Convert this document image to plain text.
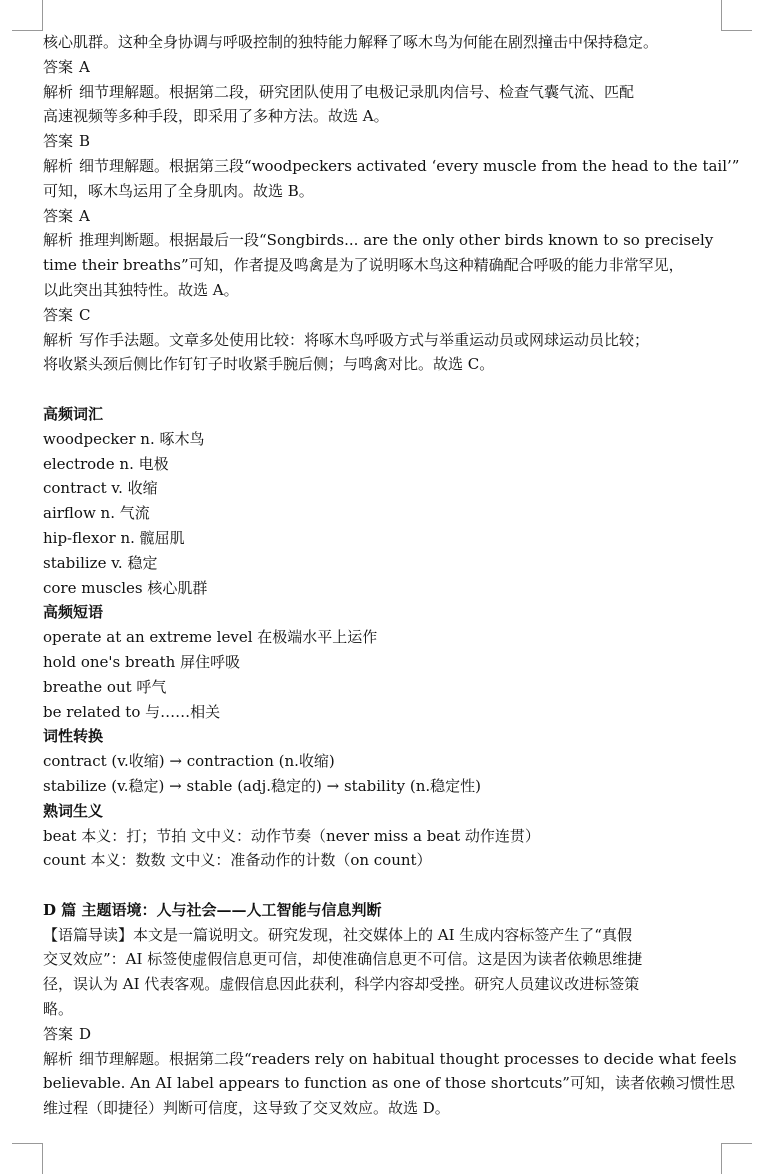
核心肌群。这种全身协调与呼吸控制的独特能力解释了啄木鸟为何能在剧烈撞击中保持稳定。
答案 A
解析 细节理解题。根据第二段，研究团队使用了电极记录肌肉信号、检查气囊气流、匹配
高速视频等多种手段，即采用了多种方法。故选 A。
答案 B
解析 细节理解题。根据第三段“woodpeckers activated ‘every muscle from the head to the tail’”
可知，啄木鸟运用了全身肌肉。故选 B。
答案 A
解析 推理判断题。根据最后一段“Songbirds... are the only other birds known to so precisely
time their breaths”可知，作者提及鸣禽是为了说明啄木鸟这种精确配合呼吸的能力非常罕见，
以此突出其独特性。故选 A。
答案 C
解析 写作手法题。文章多处使用比较：将啄木鸟呼吸方式与举重运动员或网球运动员比较；
将收紧头颈后侧比作钉钉子时收紧手腕后侧；与鸣禽对比。故选 C。
高频词汇
woodpecker n. 啄木鸟
electrode n. 电极
contract v. 收缩
airflow n. 气流
hip-flexor n. 髋屈肌
stabilize v. 稳定
core muscles 核心肌群
高频短语
operate at an extreme level 在极端水平上运作
hold one's breath 屏住呼吸
breathe out 呼气
be related to 与……相关
词性转换
contract (v.收缩) → contraction (n.收缩)
stabilize (v.稳定) → stable (adj.稳定的) → stability (n.稳定性)
熟词生义
beat 本义：打；节拍 文中义：动作节奏（never miss a beat 动作连贯）
count 本义：数数 文中义：准备动作的计数（on count）
D 篇 主题语境：人与社会——人工智能与信息判断
【语篇导读】本文是一篇说明文。研究发现，社交媒体上的 AI 生成内容标签产生了“真假
交叉效应”：AI 标签使虚假信息更可信，却使准确信息更不可信。这是因为读者依赖思维捷
径，误认为 AI 代表客观。虚假信息因此获利，科学内容却受挫。研究人员建议改进标签策
略。
答案 D
解析 细节理解题。根据第二段“readers rely on habitual thought processes to decide what feels
believable. An AI label appears to function as one of those shortcuts”可知，读者依赖习惯性思
维过程（即捷径）判断可信度，这导致了交叉效应。故选 D。
